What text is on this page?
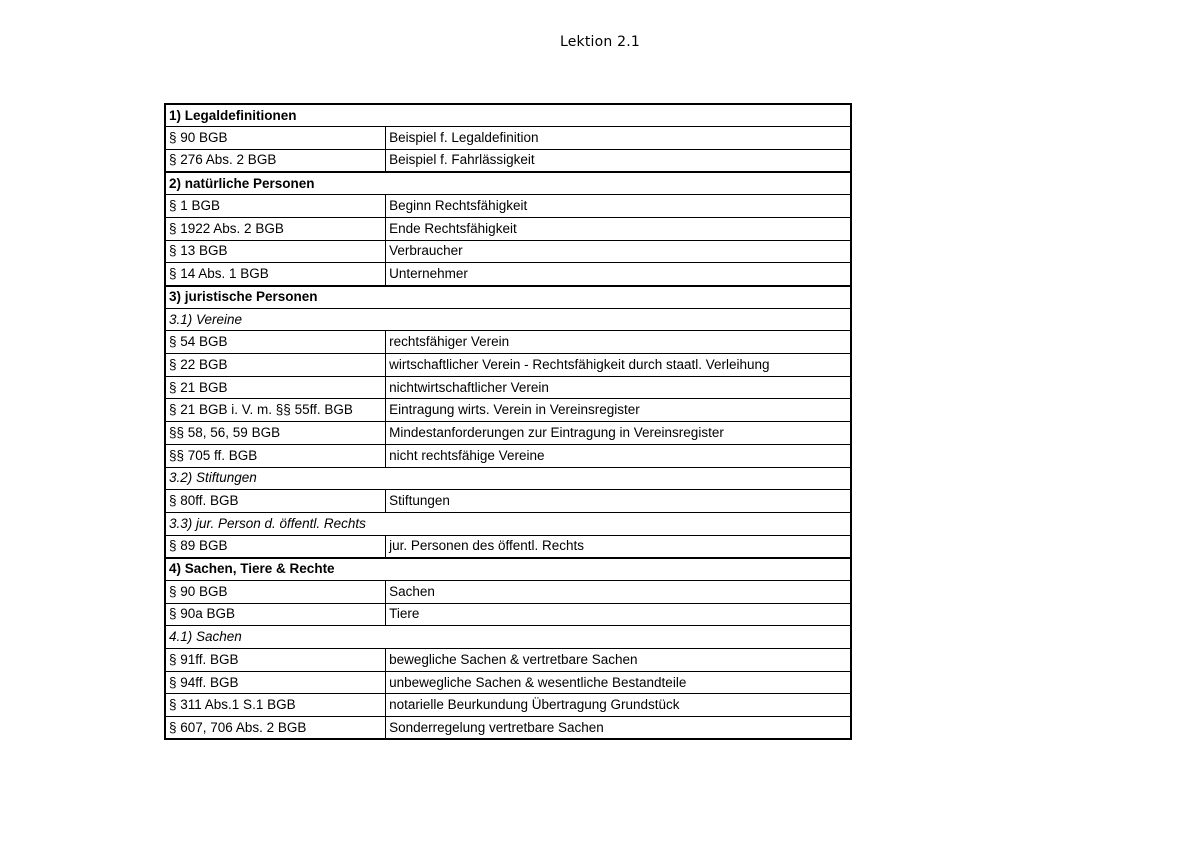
Lektion 2.1
1) Legaldefinitionen	
§ 90 BGB	Beispiel f. Legaldefinition
§ 276 Abs. 2 BGB	Beispiel f. Fahrlässigkeit
2) natürliche Personen	
§ 1 BGB	Beginn Rechtsfähigkeit
§ 1922 Abs. 2 BGB	Ende Rechtsfähigkeit
§ 13 BGB	Verbraucher
§ 14 Abs. 1 BGB	Unternehmer
3) juristische Personen	
3.1) Vereine	
§ 54 BGB	rechtsfähiger Verein
§ 22 BGB	wirtschaftlicher Verein - Rechtsfähigkeit durch staatl. Verleihung
§ 21 BGB	nichtwirtschaftlicher Verein
§ 21 BGB i. V. m. §§ 55ff. BGB	Eintragung wirts. Verein in Vereinsregister
§§ 58, 56, 59 BGB	Mindestanforderungen zur Eintragung in Vereinsregister
§§ 705 ff. BGB	nicht rechtsfähige Vereine
3.2) Stiftungen	
§ 80ff. BGB	Stiftungen
3.3) jur. Person d. öffentl. Rechts	
§ 89 BGB	jur. Personen des öffentl. Rechts
4) Sachen, Tiere & Rechte	
§ 90 BGB	Sachen
§ 90a BGB	Tiere
4.1) Sachen	
§ 91ff. BGB	bewegliche Sachen & vertretbare Sachen
§ 94ff. BGB	unbewegliche Sachen & wesentliche Bestandteile
§ 311 Abs.1 S.1 BGB	notarielle Beurkundung Übertragung Grundstück
§ 607, 706 Abs. 2 BGB	Sonderregelung vertretbare Sachen
